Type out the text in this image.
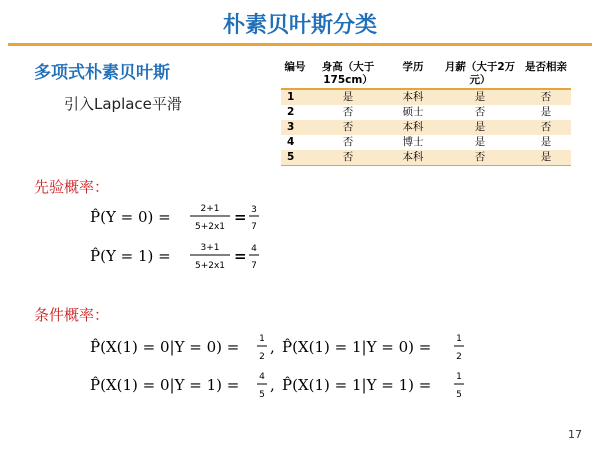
朴素贝叶斯分类
多项式朴素贝叶斯
引入Laplace平滑
编号	身高（大于175cm）	学历	月薪（大于2万元）	是否相亲
1	是	本科	是	否
2	否	硕士	否	是
3	否	本科	是	否
4	否	博士	是	是
5	否	本科	否	是
先验概率：
P̂(Y = 0) =	2+1
5+2x1
= 3
7
P̂(Y = 1) =	3+1
5+2x1
= 4
7
条件概率：
P̂(X(1) = 0|Y = 0) = 1
2
, P̂(X(1) = 1|Y = 0) =	1
2
P̂(X(1) = 0|Y = 1) = 4
5
, P̂(X(1) = 1|Y = 1) =	1
5
17
